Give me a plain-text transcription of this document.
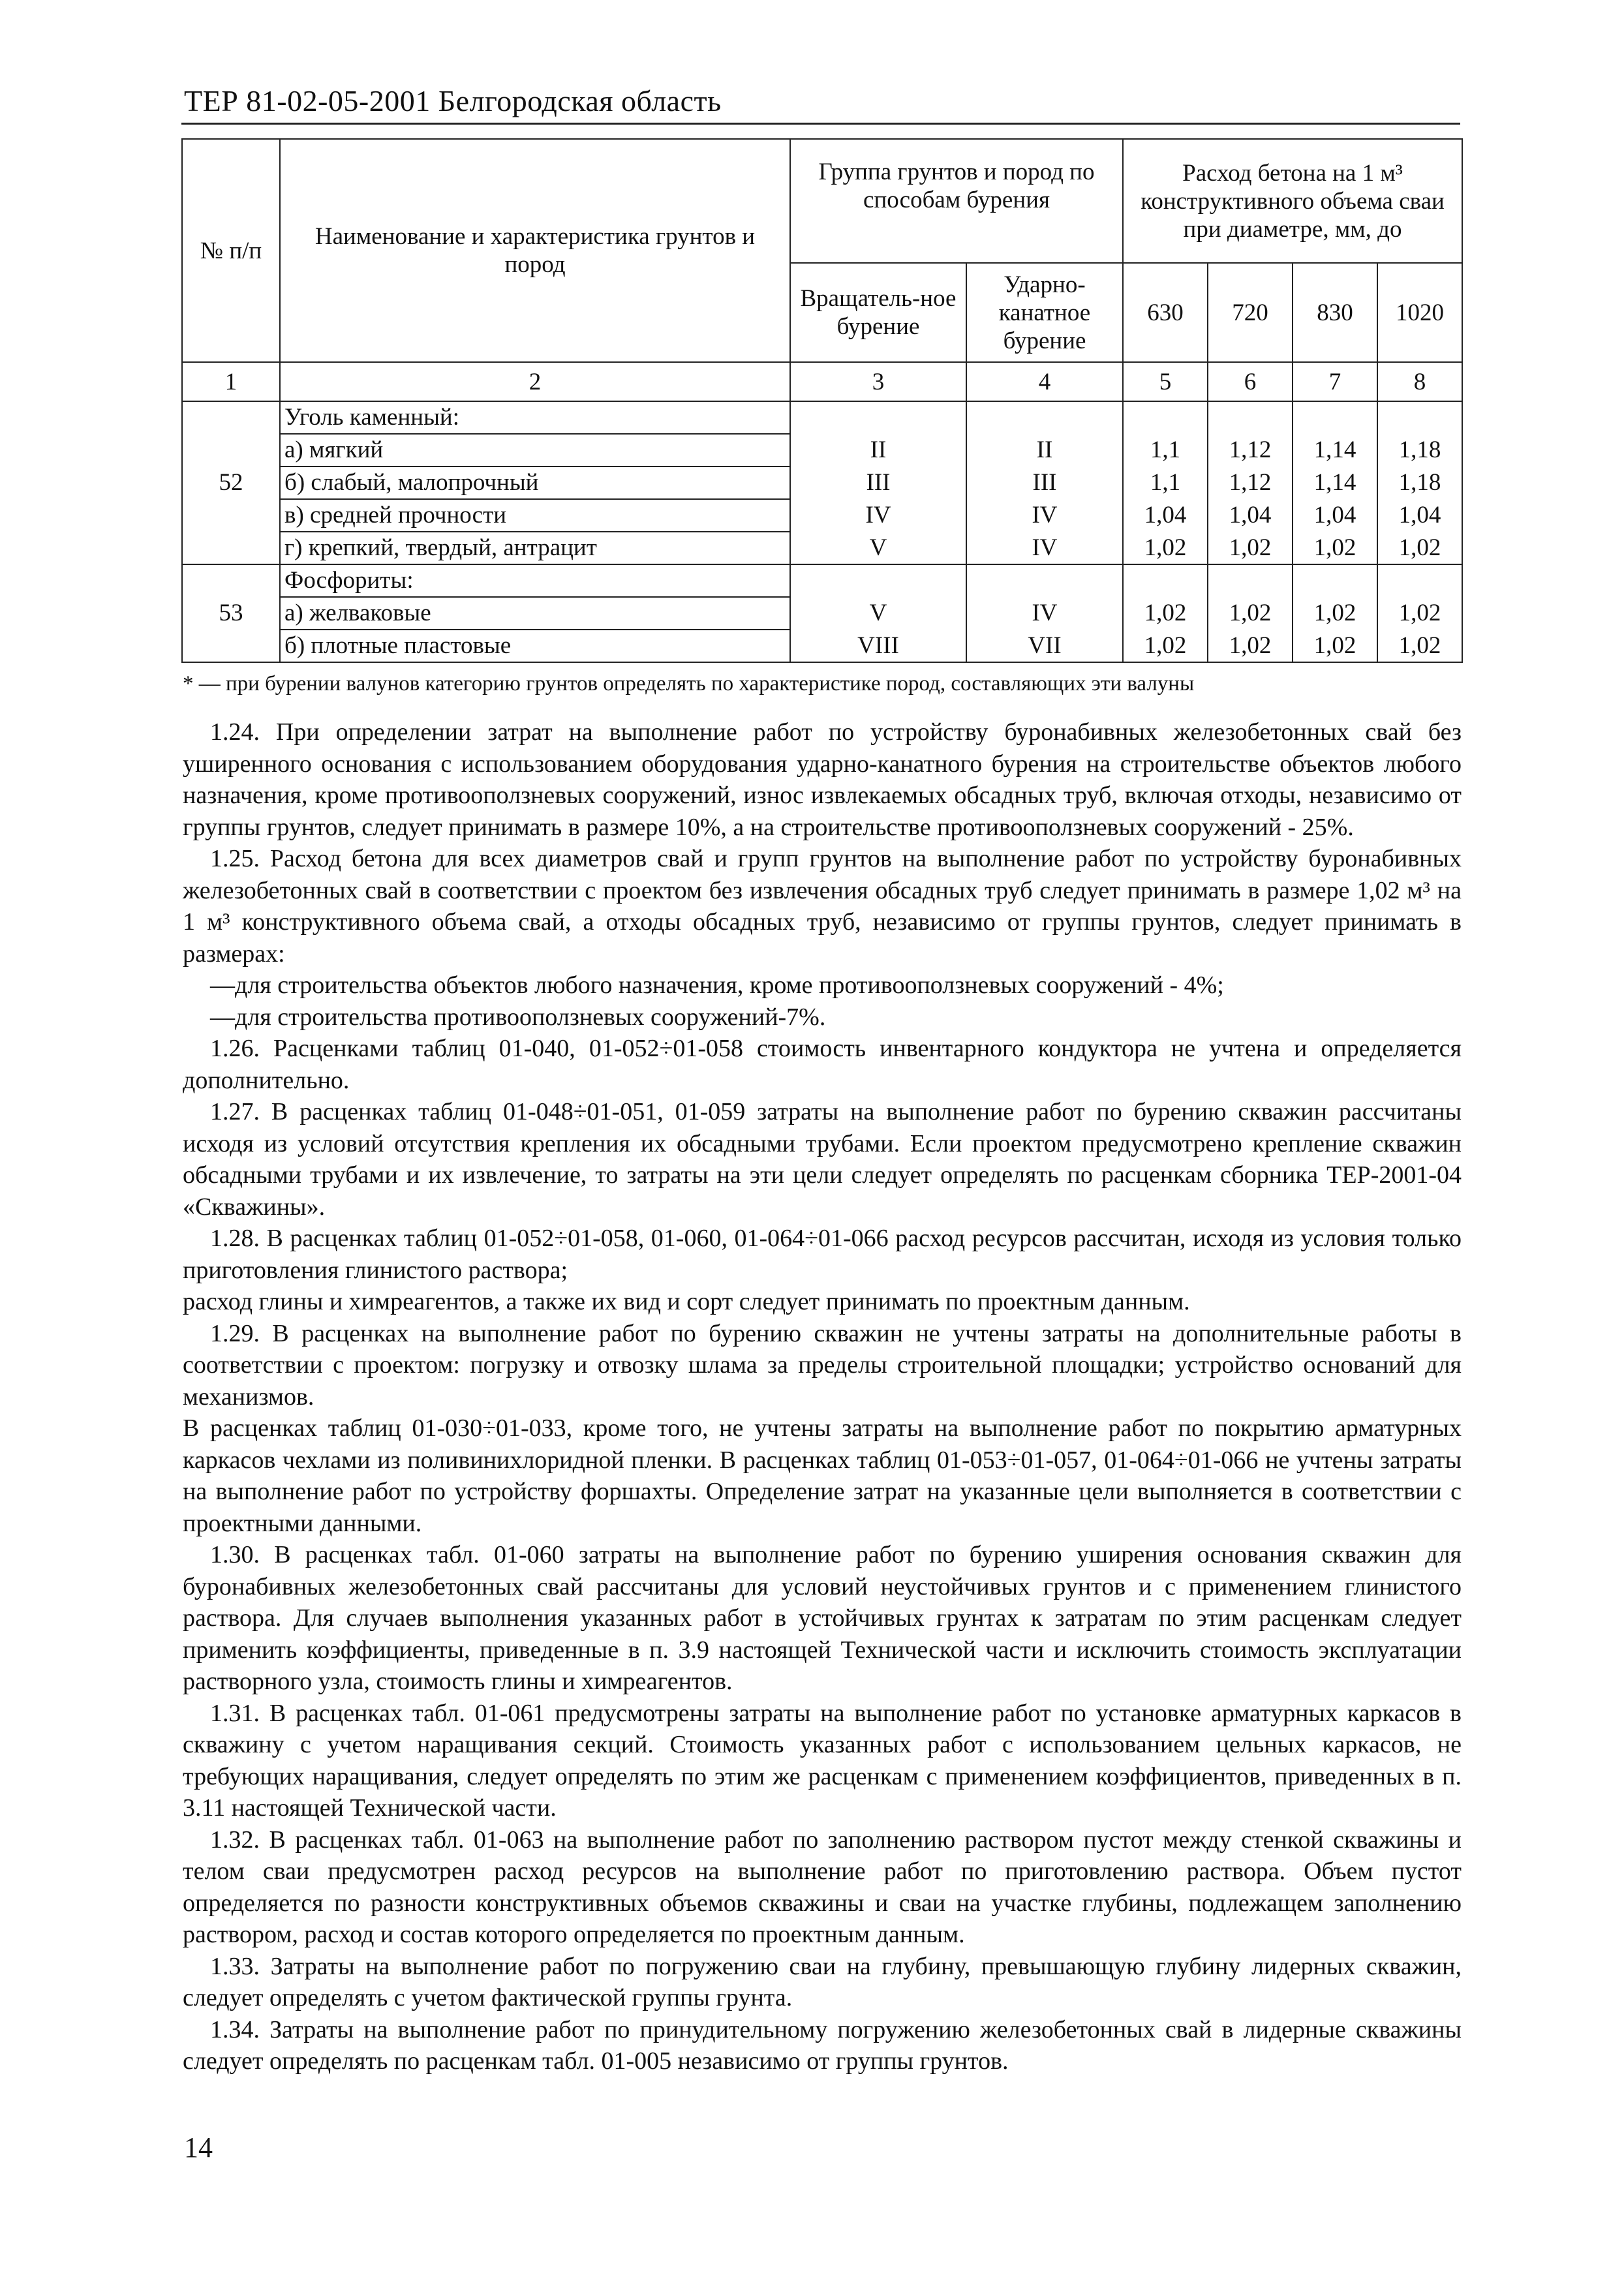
ТЕР 81-02-05-2001 Белгородская область
№ п/п	Наименование и характеристика грунтов и пород	Группа грунтов и пород по способам бурения		Расход бетона на 1 м³ конструктивного объема сваи при диаметре, мм, до			
		Вращатель-ное бурение	Ударно-канатное бурение	630	720	830	1020
1	2	3	4	5	6	7	8
52	Уголь каменный:						
	а) мягкий	II	II	1,1	1,12	1,14	1,18
	б) слабый, малопрочный	III	III	1,1	1,12	1,14	1,18
	в) средней прочности	IV	IV	1,04	1,04	1,04	1,04
	г) крепкий, твердый, антрацит	V	IV	1,02	1,02	1,02	1,02
53	Фосфориты:						
	а) желваковые	V	IV	1,02	1,02	1,02	1,02
	б) плотные пластовые	VIII	VII	1,02	1,02	1,02	1,02
* — при бурении валунов категорию грунтов определять по характеристике пород, составляющих эти валуны

1.24. При определении затрат на выполнение работ по устройству буронабивных железобетонных свай без уширенного основания с использованием оборудования ударно-канатного бурения на строительстве объектов любого назначения, кроме противооползневых сооружений, износ извлекаемых обсадных труб, включая отходы, независимо от группы грунтов, следует принимать в размере 10%, а на строительстве противооползневых сооружений - 25%.

1.25. Расход бетона для всех диаметров свай и групп грунтов на выполнение работ по устройству буронабивных железобетонных свай в соответствии с проектом без извлечения обсадных труб следует принимать в размере 1,02 м³ на 1 м³ конструктивного объема свай, а отходы обсадных труб, независимо от группы грунтов, следует принимать в размерах:

—для строительства объектов любого назначения, кроме противооползневых сооружений - 4%;

—для строительства противооползневых сооружений-7%.

1.26. Расценками таблиц 01-040, 01-052÷01-058 стоимость инвентарного кондуктора не учтена и определяется дополнительно.

1.27. В расценках таблиц 01-048÷01-051, 01-059 затраты на выполнение работ по бурению скважин рассчитаны исходя из условий отсутствия крепления их обсадными трубами. Если проектом предусмотрено крепление скважин обсадными трубами и их извлечение, то затраты на эти цели следует определять по расценкам сборника ТЕР-2001-04 «Скважины».

1.28. В расценках таблиц 01-052÷01-058, 01-060, 01-064÷01-066 расход ресурсов рассчитан, исходя из условия только приготовления глинистого раствора;

расход глины и химреагентов, а также их вид и сорт следует принимать по проектным данным.

1.29. В расценках на выполнение работ по бурению скважин не учтены затраты на дополнительные работы в соответствии с проектом: погрузку и отвозку шлама за пределы строительной площадки; устройство оснований для механизмов.

В расценках таблиц 01-030÷01-033, кроме того, не учтены затраты на выполнение работ по покрытию арматурных каркасов чехлами из поливинихлоридной пленки. В расценках таблиц 01-053÷01-057, 01-064÷01-066 не учтены затраты на выполнение работ по устройству форшахты. Определение затрат на указанные цели выполняется в соответствии с проектными данными.

1.30. В расценках табл. 01-060 затраты на выполнение работ по бурению уширения основания скважин для буронабивных железобетонных свай рассчитаны для условий неустойчивых грунтов и с применением глинистого раствора. Для случаев выполнения указанных работ в устойчивых грунтах к затратам по этим расценкам следует применить коэффициенты, приведенные в п. 3.9 настоящей Технической части и исключить стоимость эксплуатации растворного узла, стоимость глины и химреагентов.

1.31. В расценках табл. 01-061 предусмотрены затраты на выполнение работ по установке арматурных каркасов в скважину с учетом наращивания секций. Стоимость указанных работ с использованием цельных каркасов, не требующих наращивания, следует определять по этим же расценкам с применением коэффициентов, приведенных в п. 3.11 настоящей Технической части.

1.32. В расценках табл. 01-063 на выполнение работ по заполнению раствором пустот между стенкой скважины и телом сваи предусмотрен расход ресурсов на выполнение работ по приготовлению раствора. Объем пустот определяется по разности конструктивных объемов скважины и сваи на участке глубины, подлежащем заполнению раствором, расход и состав которого определяется по проектным данным.

1.33. Затраты на выполнение работ по погружению сваи на глубину, превышающую глубину лидерных скважин, следует определять с учетом фактической группы грунта.

1.34. Затраты на выполнение работ по принудительному погружению железобетонных свай в лидерные скважины следует определять по расценкам табл. 01-005 независимо от группы грунтов.

14
